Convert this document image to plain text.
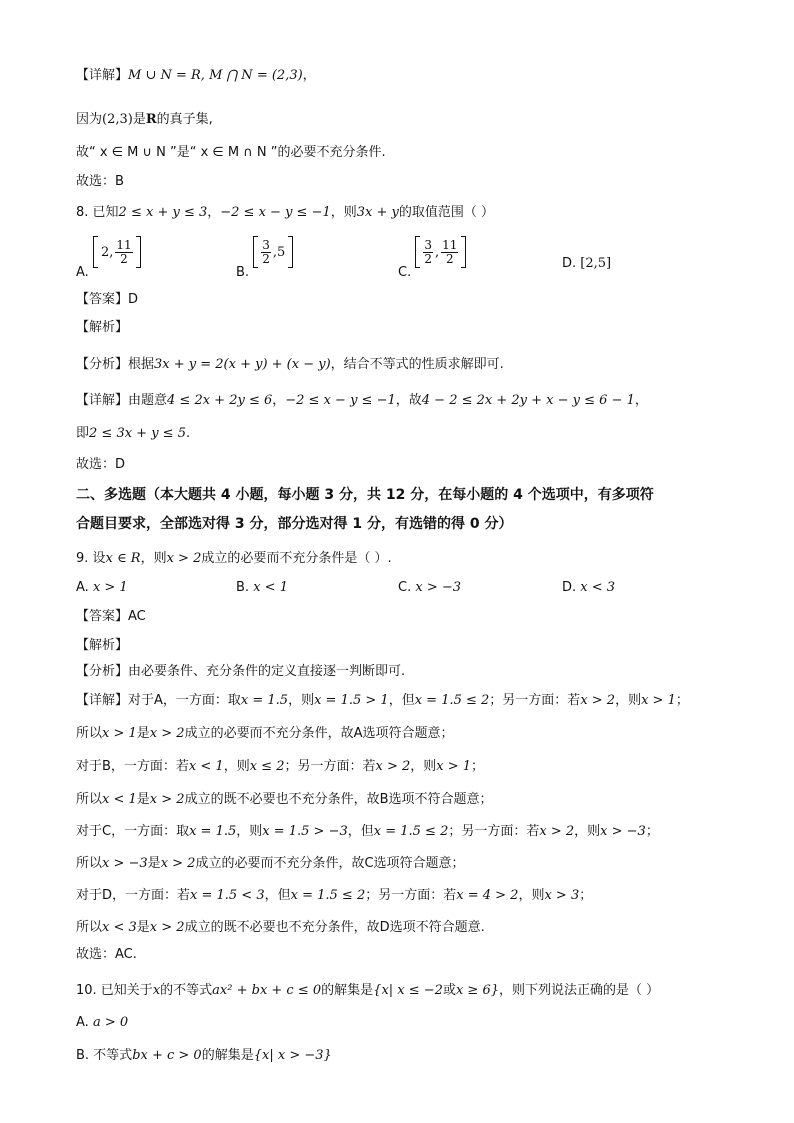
【详解】M ∪ N = R, M ⋂ N = (2,3)，
因为(2,3)是R的真子集,
故“ x ∈ M ∪ N ”是“ x ∈ M ∩ N ”的必要不充分条件.
故选：B
8. 已知2 ≤ x + y ≤ 3，−2 ≤ x − y ≤ −1，则3x + y的取值范围（ ）
A.
2, $\frac{11}{2}$
B.
$\frac{3}{2} ,5$
C.
$\frac{3}{2}$ , $\frac{11}{2}$	D. [2,5]
【答案】D
【解析】
【分析】根据3x + y = 2(x + y) + (x − y)，结合不等式的性质求解即可.
【详解】由题意4 ≤ 2x + 2y ≤ 6，−2 ≤ x − y ≤ −1，故4 − 2 ≤ 2x + 2y + x − y ≤ 6 − 1，
即2 ≤ 3x + y ≤ 5.
故选：D
二、多选题（本大题共 4 小题，每小题 3 分，共 12 分，在每小题的 4 个选项中，有多项符
合题目要求，全部选对得 3 分，部分选对得 1 分，有选错的得 0 分）
9. 设x ∈ R，则x > 2成立的必要而不充分条件是（ ）.
A. x > 1	B. x < 1	C. x > −3	D. x < 3
【答案】AC
【解析】
【分析】由必要条件、充分条件的定义直接逐一判断即可.
【详解】对于A，一方面：取x = 1.5，则x = 1.5 > 1，但x = 1.5 ≤ 2；另一方面：若x > 2，则x > 1；
所以x > 1是x > 2成立的必要而不充分条件，故A选项符合题意；
对于B，一方面：若x < 1，则x ≤ 2；另一方面：若x > 2，则x > 1；
所以x < 1是x > 2成立的既不必要也不充分条件，故B选项不符合题意；
对于C，一方面：取x = 1.5，则x = 1.5 > −3，但x = 1.5 ≤ 2；另一方面：若x > 2，则x > −3；
所以x > −3是x > 2成立的必要而不充分条件，故C选项符合题意；
对于D，一方面：若x = 1.5 < 3，但x = 1.5 ≤ 2；另一方面：若x = 4 > 2，则x > 3；
所以x < 3是x > 2成立的既不必要也不充分条件，故D选项不符合题意.
故选：AC.
10. 已知关于x的不等式ax² + bx + c ≤ 0的解集是{x| x ≤ −2或x ≥ 6}，则下列说法正确的是（ ）
A. a > 0
B. 不等式bx + c > 0的解集是{x| x > −3}
